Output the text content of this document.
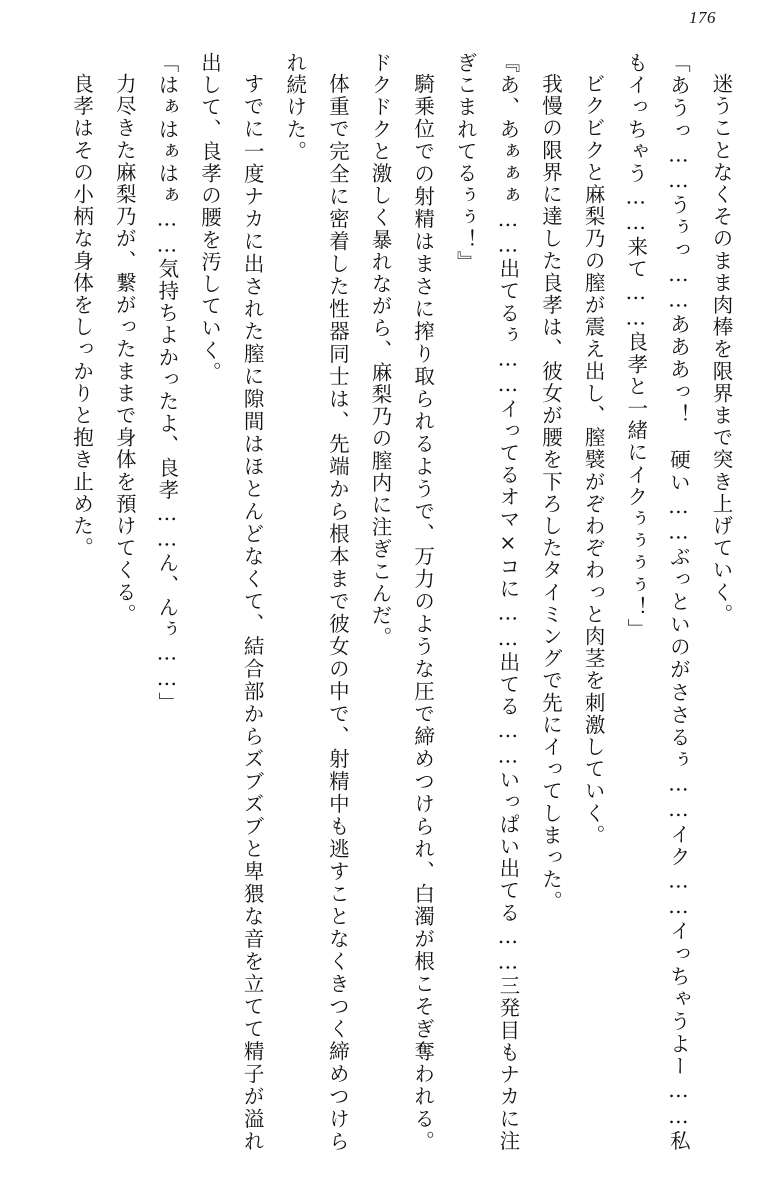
176

迷うことなくそのまま肉棒を限界まで突き上げていく。

「あうっ……うぅっ……あああっ！　硬い……ぶっといのがささるぅ……イク……イっちゃうよー……私もイっちゃう……来て……良孝と一緒にイクぅぅぅぅ！」

ビクビクと麻梨乃の膣が震え出し、膣襞がぞわぞわっと肉茎を刺激していく。

我慢の限界に達した良孝は、彼女が腰を下ろしたタイミングで先にイってしまった。

『あ、あぁぁぁ……出てるぅ……イってるオマ×コに……出てる……いっぱい出てる……三発目もナカに注ぎこまれてるぅぅ！』

騎乗位での射精はまさに搾り取られるようで、万力のような圧で締めつけられ、白濁が根こそぎ奪われる。ドクドクと激しく暴れながら、麻梨乃の膣内に注ぎこんだ。

体重で完全に密着した性器同士は、先端から根本まで彼女の中で、射精中も逃すことなくきつく締めつけられ続けた。

すでに一度ナカに出された膣に隙間はほとんどなくて、結合部からズブズブと卑猥な音を立てて精子が溢れ出して、良孝の腰を汚していく。

「はぁはぁはぁ……気持ちよかったよ、良孝……ん、んぅ……」

力尽きた麻梨乃が、繋がったままで身体を預けてくる。

良孝はその小柄な身体をしっかりと抱き止めた。
